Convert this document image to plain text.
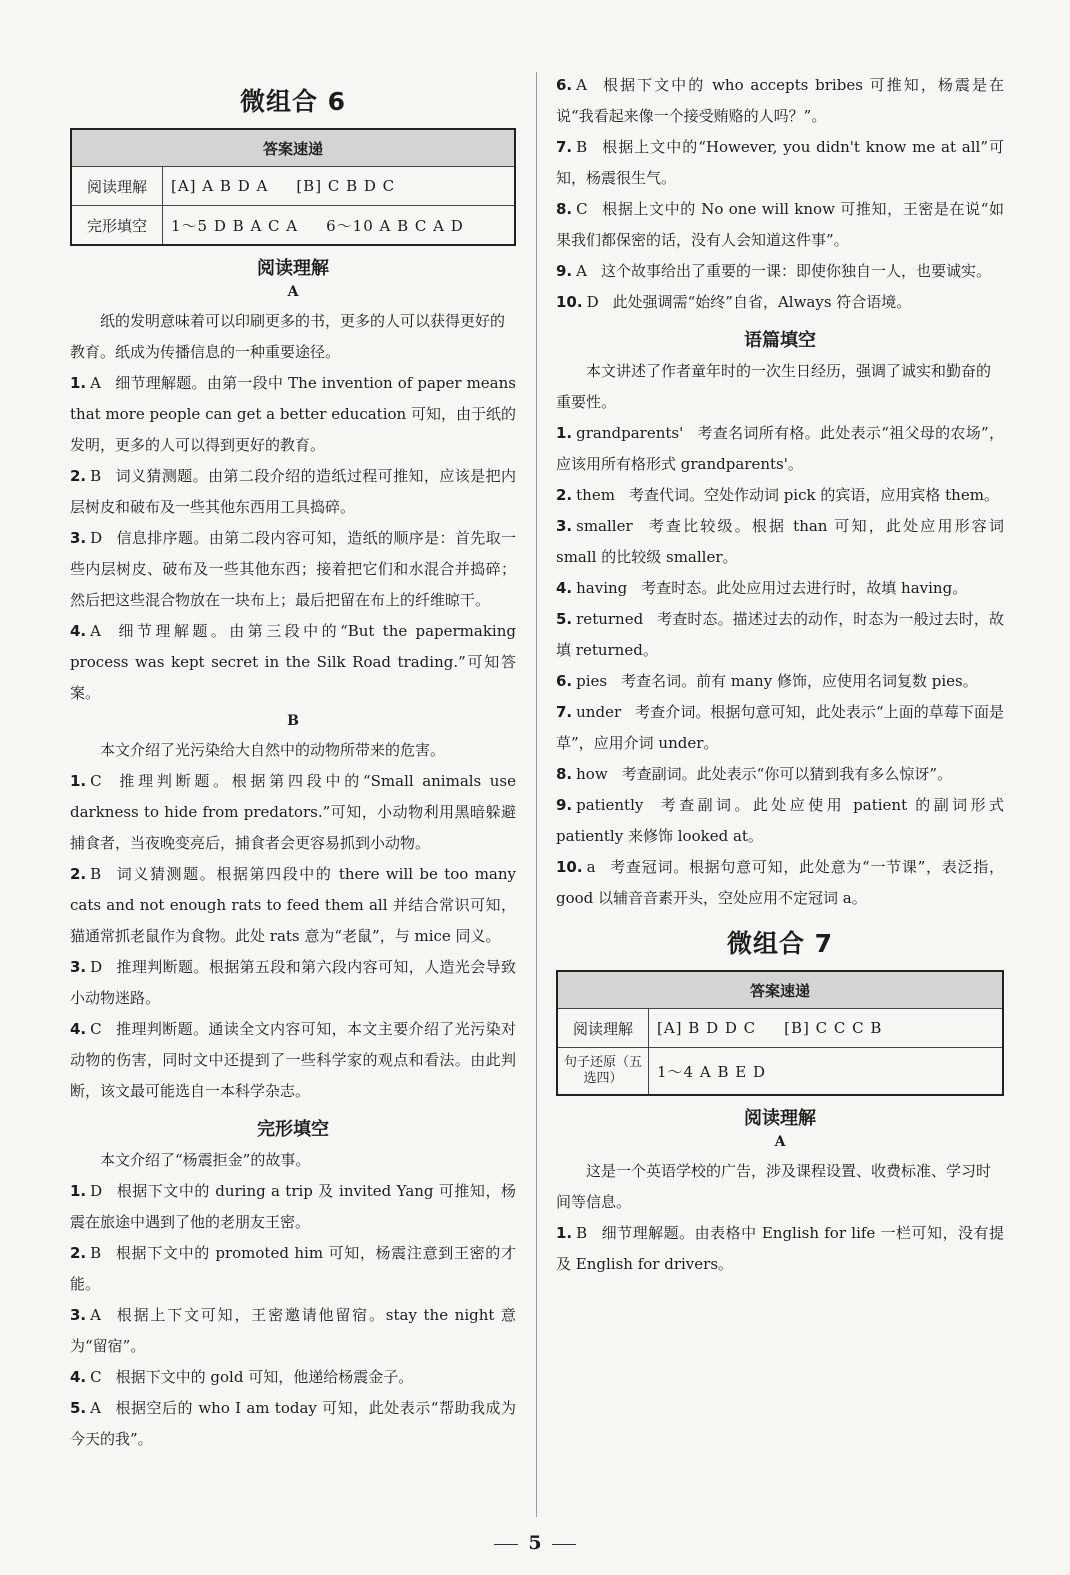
微组合 6
答案速递	
阅读理解	[A] A B D A [B] C B D C
完形填空	1～5 D B A C A 6～10 A B C A D
阅读理解
A

纸的发明意味着可以印刷更多的书，更多的人可以获得更好的教育。纸成为传播信息的一种重要途径。

1. A 细节理解题。由第一段中 The invention of paper means that more people can get a better education 可知，由于纸的发明，更多的人可以得到更好的教育。

2. B 词义猜测题。由第二段介绍的造纸过程可推知，应该是把内层树皮和破布及一些其他东西用工具捣碎。

3. D 信息排序题。由第二段内容可知，造纸的顺序是：首先取一些内层树皮、破布及一些其他东西；接着把它们和水混合并捣碎；然后把这些混合物放在一块布上；最后把留在布上的纤维晾干。

4. A 细节理解题。由第三段中的“But the papermaking process was kept secret in the Silk Road trading.”可知答案。

B

本文介绍了光污染给大自然中的动物所带来的危害。

1. C 推理判断题。根据第四段中的“Small animals use darkness to hide from predators.”可知，小动物利用黑暗躲避捕食者，当夜晚变亮后，捕食者会更容易抓到小动物。

2. B 词义猜测题。根据第四段中的 there will be too many cats and not enough rats to feed them all 并结合常识可知，猫通常抓老鼠作为食物。此处 rats 意为“老鼠”，与 mice 同义。

3. D 推理判断题。根据第五段和第六段内容可知，人造光会导致小动物迷路。

4. C 推理判断题。通读全文内容可知，本文主要介绍了光污染对动物的伤害，同时文中还提到了一些科学家的观点和看法。由此判断，该文最可能选自一本科学杂志。

完形填空

本文介绍了“杨震拒金”的故事。

1. D 根据下文中的 during a trip 及 invited Yang 可推知，杨震在旅途中遇到了他的老朋友王密。

2. B 根据下文中的 promoted him 可知，杨震注意到王密的才能。

3. A 根据上下文可知，王密邀请他留宿。stay the night 意为“留宿”。

4. C 根据下文中的 gold 可知，他递给杨震金子。

5. A 根据空后的 who I am today 可知，此处表示“帮助我成为今天的我”。

6. A 根据下文中的 who accepts bribes 可推知，杨震是在说“我看起来像一个接受贿赂的人吗？”。

7. B 根据上文中的“However, you didn't know me at all”可知，杨震很生气。

8. C 根据上文中的 No one will know 可推知，王密是在说“如果我们都保密的话，没有人会知道这件事”。

9. A 这个故事给出了重要的一课：即使你独自一人，也要诚实。

10. D 此处强调需“始终”自省，Always 符合语境。

语篇填空

本文讲述了作者童年时的一次生日经历，强调了诚实和勤奋的重要性。

1. grandparents' 考查名词所有格。此处表示“祖父母的农场”，应该用所有格形式 grandparents'。

2. them 考查代词。空处作动词 pick 的宾语，应用宾格 them。

3. smaller 考查比较级。根据 than 可知，此处应用形容词 small 的比较级 smaller。

4. having 考查时态。此处应用过去进行时，故填 having。

5. returned 考查时态。描述过去的动作，时态为一般过去时，故填 returned。

6. pies 考查名词。前有 many 修饰，应使用名词复数 pies。

7. under 考查介词。根据句意可知，此处表示“上面的草莓下面是草”，应用介词 under。

8. how 考查副词。此处表示“你可以猜到我有多么惊讶”。

9. patiently 考查副词。此处应使用 patient 的副词形式 patiently 来修饰 looked at。

10. a 考查冠词。根据句意可知，此处意为“一节课”，表泛指，good 以辅音音素开头，空处应用不定冠词 a。

微组合 7
答案速递	
阅读理解	[A] B D D C [B] C C C B
句子还原（五选四）	1～4 A B E D
阅读理解
A

这是一个英语学校的广告，涉及课程设置、收费标准、学习时间等信息。

1. B 细节理解题。由表格中 English for life 一栏可知，没有提及 English for drivers。

5
